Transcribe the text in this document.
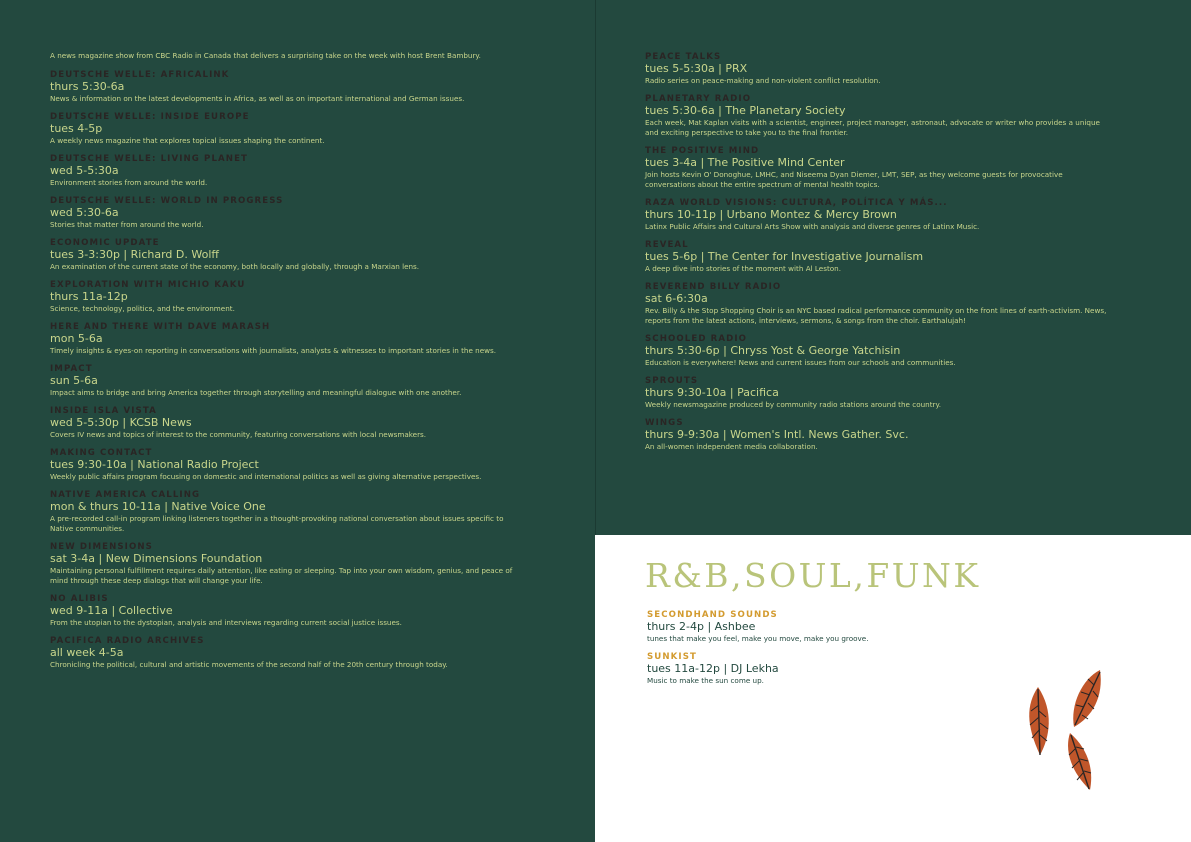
A news magazine show from CBC Radio in Canada that delivers a surprising take on the week with host Brent Bambury.

DEUTSCHE WELLE: AFRICALINK
thurs 5:30-6a
News & information on the latest developments in Africa, as well as on important international and German issues.
DEUTSCHE WELLE: INSIDE EUROPE
tues 4-5p
A weekly news magazine that explores topical issues shaping the continent.
DEUTSCHE WELLE: LIVING PLANET
wed 5-5:30a
Environment stories from around the world.
DEUTSCHE WELLE: WORLD IN PROGRESS
wed 5:30-6a
Stories that matter from around the world.
ECONOMIC UPDATE
tues 3-3:30p | Richard D. Wolff
An examination of the current state of the economy, both locally and globally, through a Marxian lens.
EXPLORATION WITH MICHIO KAKU
thurs 11a-12p
Science, technology, politics, and the environment.
HERE AND THERE WITH DAVE MARASH
mon 5-6a
Timely insights & eyes-on reporting in conversations with journalists, analysts & witnesses to important stories in the news.
IMPACT
sun 5-6a
Impact aims to bridge and bring America together through storytelling and meaningful dialogue with one another.
INSIDE ISLA VISTA
wed 5-5:30p | KCSB News
Covers IV news and topics of interest to the community, featuring conversations with local newsmakers.
MAKING CONTACT
tues 9:30-10a | National Radio Project
Weekly public affairs program focusing on domestic and international politics as well as giving alternative perspectives.
NATIVE AMERICA CALLING
mon & thurs 10-11a | Native Voice One
A pre-recorded call-in program linking listeners together in a thought-provoking national conversation about issues specific to Native communities.
NEW DIMENSIONS
sat 3-4a | New Dimensions Foundation
Maintaining personal fulfillment requires daily attention, like eating or sleeping. Tap into your own wisdom, genius, and peace of mind through these deep dialogs that will change your life.
NO ALIBIS
wed 9-11a | Collective
From the utopian to the dystopian, analysis and interviews regarding current social justice issues.
PACIFICA RADIO ARCHIVES
all week 4-5a
Chronicling the political, cultural and artistic movements of the second half of the 20th century through today.
PEACE TALKS
tues 5-5:30a | PRX
Radio series on peace-making and non-violent conflict resolution.
PLANETARY RADIO
tues 5:30-6a | The Planetary Society
Each week, Mat Kaplan visits with a scientist, engineer, project manager, astronaut, advocate or writer who provides a unique and exciting perspective to take you to the final frontier.
THE POSITIVE MIND
tues 3-4a | The Positive Mind Center
Join hosts Kevin O' Donoghue, LMHC, and Niseema Dyan Diemer, LMT, SEP, as they welcome guests for provocative conversations about the entire spectrum of mental health topics.
RAZA WORLD VISIONS: CULTURA, POLÍTICA Y MÁS...
thurs 10-11p | Urbano Montez & Mercy Brown
Latinx Public Affairs and Cultural Arts Show with analysis and diverse genres of Latinx Music.
REVEAL
tues 5-6p | The Center for Investigative Journalism
A deep dive into stories of the moment with Al Leston.
REVEREND BILLY RADIO
sat 6-6:30a
Rev. Billy & the Stop Shopping Choir is an NYC based radical performance community on the front lines of earth-activism. News, reports from the latest actions, interviews, sermons, & songs from the choir. Earthalujah!
SCHOOLED RADIO
thurs 5:30-6p | Chryss Yost & George Yatchisin
Education is everywhere! News and current issues from our schools and communities.
SPROUTS
thurs 9:30-10a | Pacifica
Weekly newsmagazine produced by community radio stations around the country.
WINGS
thurs 9-9:30a | Women's Intl. News Gather. Svc.
An all-women independent media collaboration.
R&B,SOUL,FUNK
SECONDHAND SOUNDS
thurs 2-4p | Ashbee
tunes that make you feel, make you move, make you groove.
SUNKIST
tues 11a-12p | DJ Lekha
Music to make the sun come up.
